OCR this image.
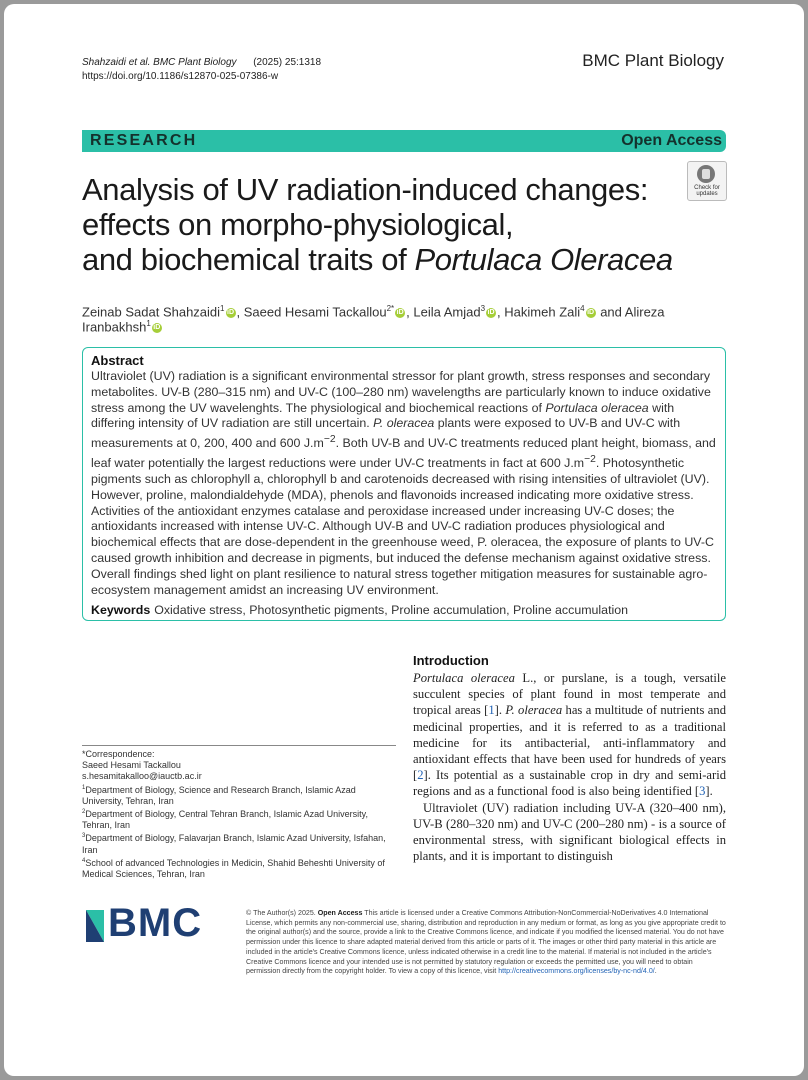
Shahzaidi et al. BMC Plant Biology (2025) 25:1318
https://doi.org/10.1186/s12870-025-07386-w
BMC Plant Biology
RESEARCH	Open Access
Analysis of UV radiation-induced changes:
effects on morpho-physiological,
and biochemical traits of Portulaca Oleracea
Check for
updates
Zeinab Sadat Shahzaidi$^1$ iD , Saeed Hesami Tackallou$^{2*}$ iD , Leila Amjad$^3$ iD , Hakimeh Zali$^4$ iD and Alireza Iranbakhsh$^1$ iD
Abstract
Ultraviolet (UV) radiation is a significant environmental stressor for plant growth, stress responses and secondary metabolites. UV-B (280–315 nm) and UV-C (100–280 nm) wavelengths are particularly known to induce oxidative stress among the UV wavelenghts. The physiological and biochemical reactions of Portulaca oleracea with differing intensity of UV radiation are still uncertain. P. oleracea plants were exposed to UV-B and UV-C with measurements at 0, 200, 400 and 600 $J.m^{-2}$. Both UV-B and UV-C treatments reduced plant height, biomass, and leaf water potentially the largest reductions were under UV-C treatments in fact at 600 $J.m^{-2}$. Photosynthetic pigments such as chlorophyll a, chlorophyll b and carotenoids decreased with rising intensities of ultraviolet (UV). However, proline, malondialdehyde (MDA), phenols and flavonoids increased indicating more oxidative stress. Activities of the antioxidant enzymes catalase and peroxidase increased under increasing UV-C doses; the antioxidants increased with intense UV-C. Although UV-B and UV-C radiation produces physiological and biochemical effects that are dose-dependent in the greenhouse weed, P. oleracea, the exposure of plants to UV-C caused growth inhibition and decrease in pigments, but induced the defense mechanism against oxidative stress. Overall findings shed light on plant resilience to natural stress together mitigation measures for sustainable agro-ecosystem management amidst an increasing UV environment.
Keywords Oxidative stress, Photosynthetic pigments, Proline accumulation, Proline accumulation
*Correspondence:
Saeed Hesami Tackallou
s.hesamitakalloo@iauctb.ac.ir
$^1$Department of Biology, Science and Research Branch, Islamic Azad University, Tehran, Iran
$^2$Department of Biology, Central Tehran Branch, Islamic Azad University, Tehran, Iran
$^3$Department of Biology, Falavarjan Branch, Islamic Azad University, Isfahan, Iran
$^4$School of advanced Technologies in Medicin, Shahid Beheshti University of Medical Sciences, Tehran, Iran
Introduction

Portulaca oleracea L., or purslane, is a tough, versatile succulent species of plant found in most temperate and tropical areas [1]. P. oleracea has a multitude of nutrients and medicinal properties, and it is referred to as a traditional medicine for its antibacterial, anti-inflammatory and antioxidant effects that have been used for hundreds of years [2]. Its potential as a sustainable crop in dry and semi-arid regions and as a functional food is also being identified [3].

Ultraviolet (UV) radiation including UV-A (320–400 nm), UV-B (280–320 nm) and UV-C (200–280 nm) - is a source of environmental stress, with significant biological effects in plants, and it is important to distinguish

BMC	© The Author(s) 2025. Open Access This article is licensed under a Creative Commons Attribution-NonCommercial-NoDerivatives 4.0 International License, which permits any non-commercial use, sharing, distribution and reproduction in any medium or format, as long as you give appropriate credit to the original author(s) and the source, provide a link to the Creative Commons licence, and indicate if you modified the licensed material. You do not have permission under this licence to share adapted material derived from this article or parts of it. The images or other third party material in this article are included in the article's Creative Commons licence, unless indicated otherwise in a credit line to the material. If material is not included in the article's Creative Commons licence and your intended use is not permitted by statutory regulation or exceeds the permitted use, you will need to obtain permission directly from the copyright holder. To view a copy of this licence, visit http://creativecommons.org/licenses/by-nc-nd/4.0/.
